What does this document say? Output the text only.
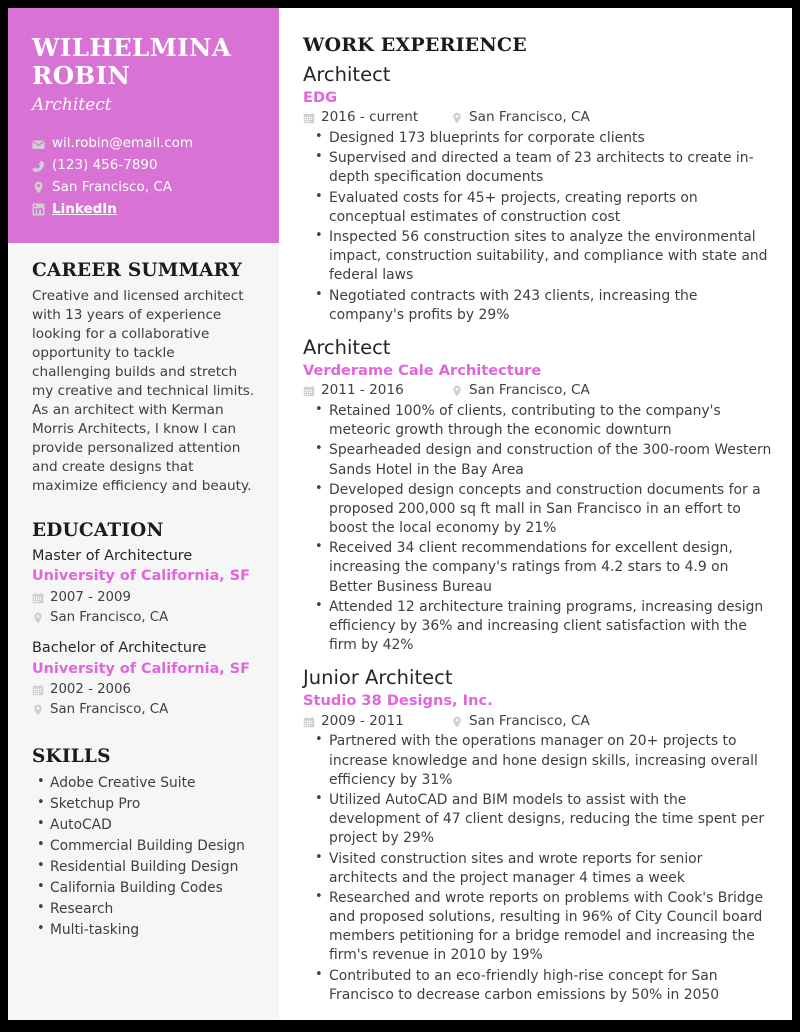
WILHELMINA ROBIN
Architect
wil.robin@email.com
(123) 456-7890
San Francisco, CA
LinkedIn
CAREER SUMMARY

Creative and licensed architect with 13 years of experience looking for a collaborative opportunity to tackle challenging builds and stretch my creative and technical limits. As an architect with Kerman Morris Architects, I know I can provide personalized attention and create designs that maximize efficiency and beauty.

EDUCATION
Master of Architecture
University of California, SF
2007 - 2009
San Francisco, CA
Bachelor of Architecture
University of California, SF
2002 - 2006
San Francisco, CA
SKILLS
• Adobe Creative Suite
• Sketchup Pro
• AutoCAD
• Commercial Building Design
• Residential Building Design
• California Building Codes
• Research
• Multi-tasking
WORK EXPERIENCE
Architect
EDG
2016 - current	San Francisco, CA
• Designed 173 blueprints for corporate clients
• Supervised and directed a team of 23 architects to create in-depth specification documents
• Evaluated costs for 45+ projects, creating reports on conceptual estimates of construction cost
• Inspected 56 construction sites to analyze the environmental impact, construction suitability, and compliance with state and federal laws
• Negotiated contracts with 243 clients, increasing the company's profits by 29%
Architect
Verderame Cale Architecture
2011 - 2016	San Francisco, CA
• Retained 100% of clients, contributing to the company's meteoric growth through the economic downturn
• Spearheaded design and construction of the 300-room Western Sands Hotel in the Bay Area
• Developed design concepts and construction documents for a proposed 200,000 sq ft mall in San Francisco in an effort to boost the local economy by 21%
• Received 34 client recommendations for excellent design, increasing the company's ratings from 4.2 stars to 4.9 on Better Business Bureau
• Attended 12 architecture training programs, increasing design efficiency by 36% and increasing client satisfaction with the firm by 42%
Junior Architect
Studio 38 Designs, Inc.
2009 - 2011	San Francisco, CA
• Partnered with the operations manager on 20+ projects to increase knowledge and hone design skills, increasing overall efficiency by 31%
• Utilized AutoCAD and BIM models to assist with the development of 47 client designs, reducing the time spent per project by 29%
• Visited construction sites and wrote reports for senior architects and the project manager 4 times a week
• Researched and wrote reports on problems with Cook's Bridge and proposed solutions, resulting in 96% of City Council board members petitioning for a bridge remodel and increasing the firm's revenue in 2010 by 19%
• Contributed to an eco-friendly high-rise concept for San Francisco to decrease carbon emissions by 50% in 2050
